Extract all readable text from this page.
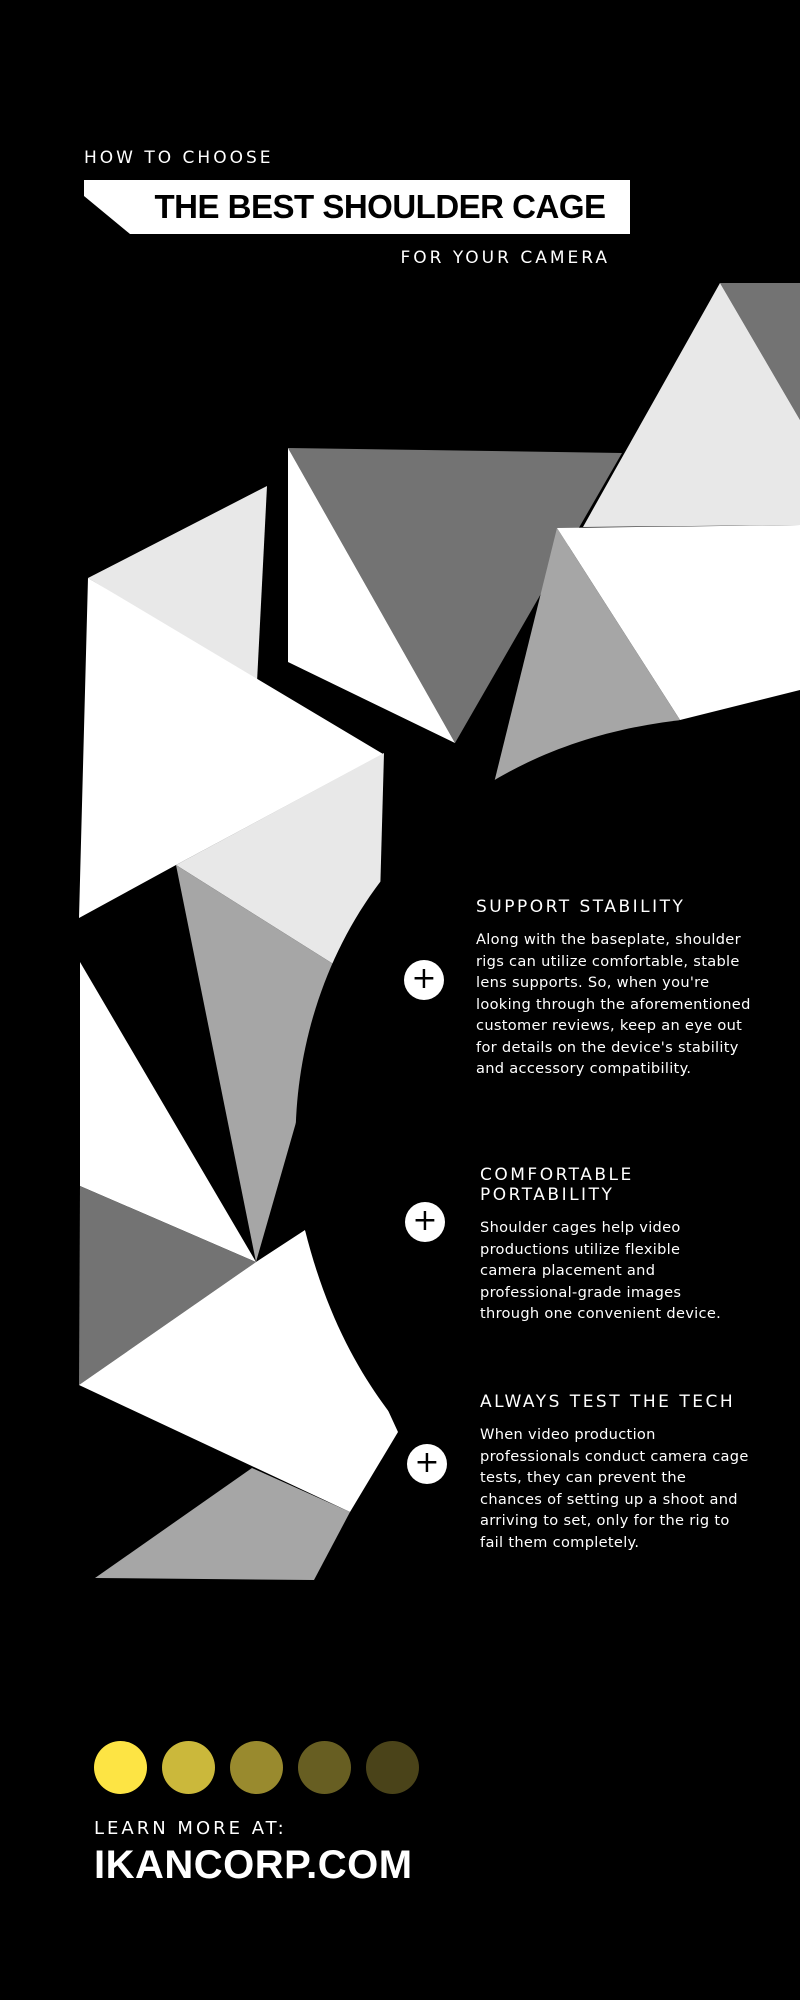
HOW TO CHOOSE
THE BEST SHOULDER CAGE
FOR YOUR CAMERA
+
SUPPORT STABILITY

Along with the baseplate, shoulder rigs can utilize comfortable, stable lens supports. So, when you're looking through the aforementioned customer reviews, keep an eye out for details on the device's stability and accessory compatibility.

+
COMFORTABLE PORTABILITY

Shoulder cages help video productions utilize flexible camera placement and professional-grade images through one convenient device.

+
ALWAYS TEST THE TECH

When video production professionals conduct camera cage tests, they can prevent the chances of setting up a shoot and arriving to set, only for the rig to fail them completely.

LEARN MORE AT:
IKANCORP.COM
